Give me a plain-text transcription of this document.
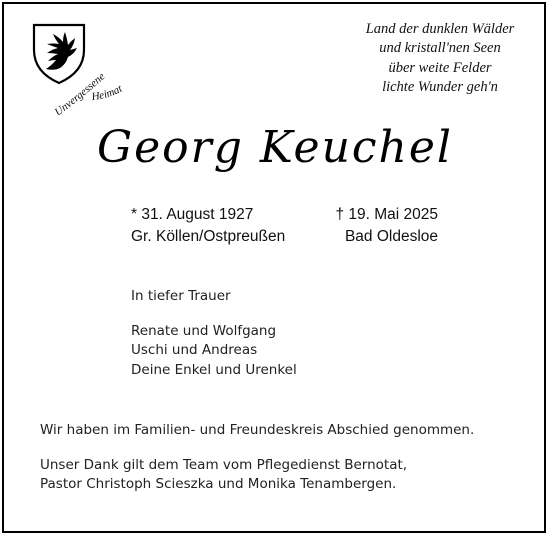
Unvergessene
Heimat
Land der dunklen Wälder
und kristall'nen Seen
über weite Felder
lichte Wunder geh'n
Georg Keuchel
* 31. August 1927
Gr. Köllen/Ostpreußen
† 19. Mai 2025
Bad Oldesloe
In tiefer Trauer
Renate und Wolfgang
Uschi und Andreas
Deine Enkel und Urenkel
Wir haben im Familien- und Freundeskreis Abschied genommen.
Unser Dank gilt dem Team vom Pflegedienst Bernotat,
Pastor Christoph Scieszka und Monika Tenambergen.
